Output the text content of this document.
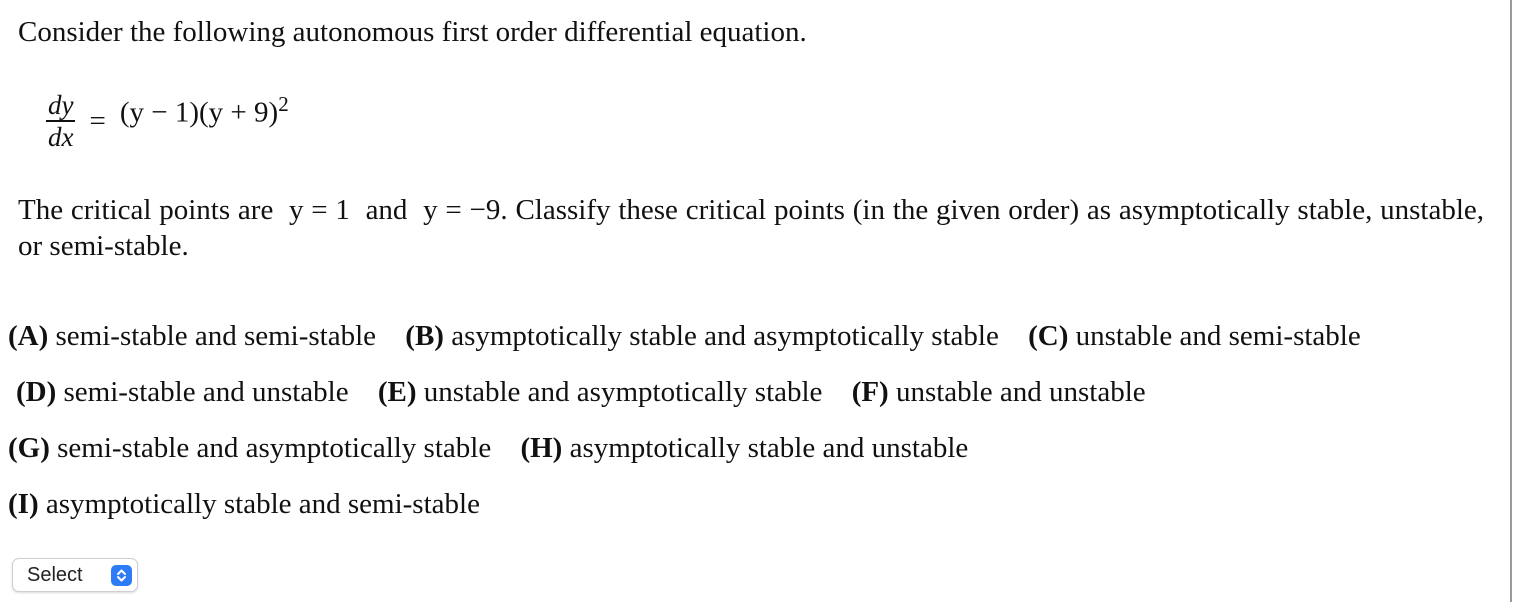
Consider the following autonomous first order differential equation.
$\frac{dy}{dx} = (y - 1)(y + 9)^2$
The critical points are y = 1 and y = −9. Classify these critical points (in the given order) as asymptotically stable, unstable, or semi-stable.
(A) semi-stable and semi-stable (B) asymptotically stable and asymptotically stable (C) unstable and semi-stable
(D) semi-stable and unstable (E) unstable and asymptotically stable (F) unstable and unstable
(G) semi-stable and asymptotically stable (H) asymptotically stable and unstable
(I) asymptotically stable and semi-stable
Select
